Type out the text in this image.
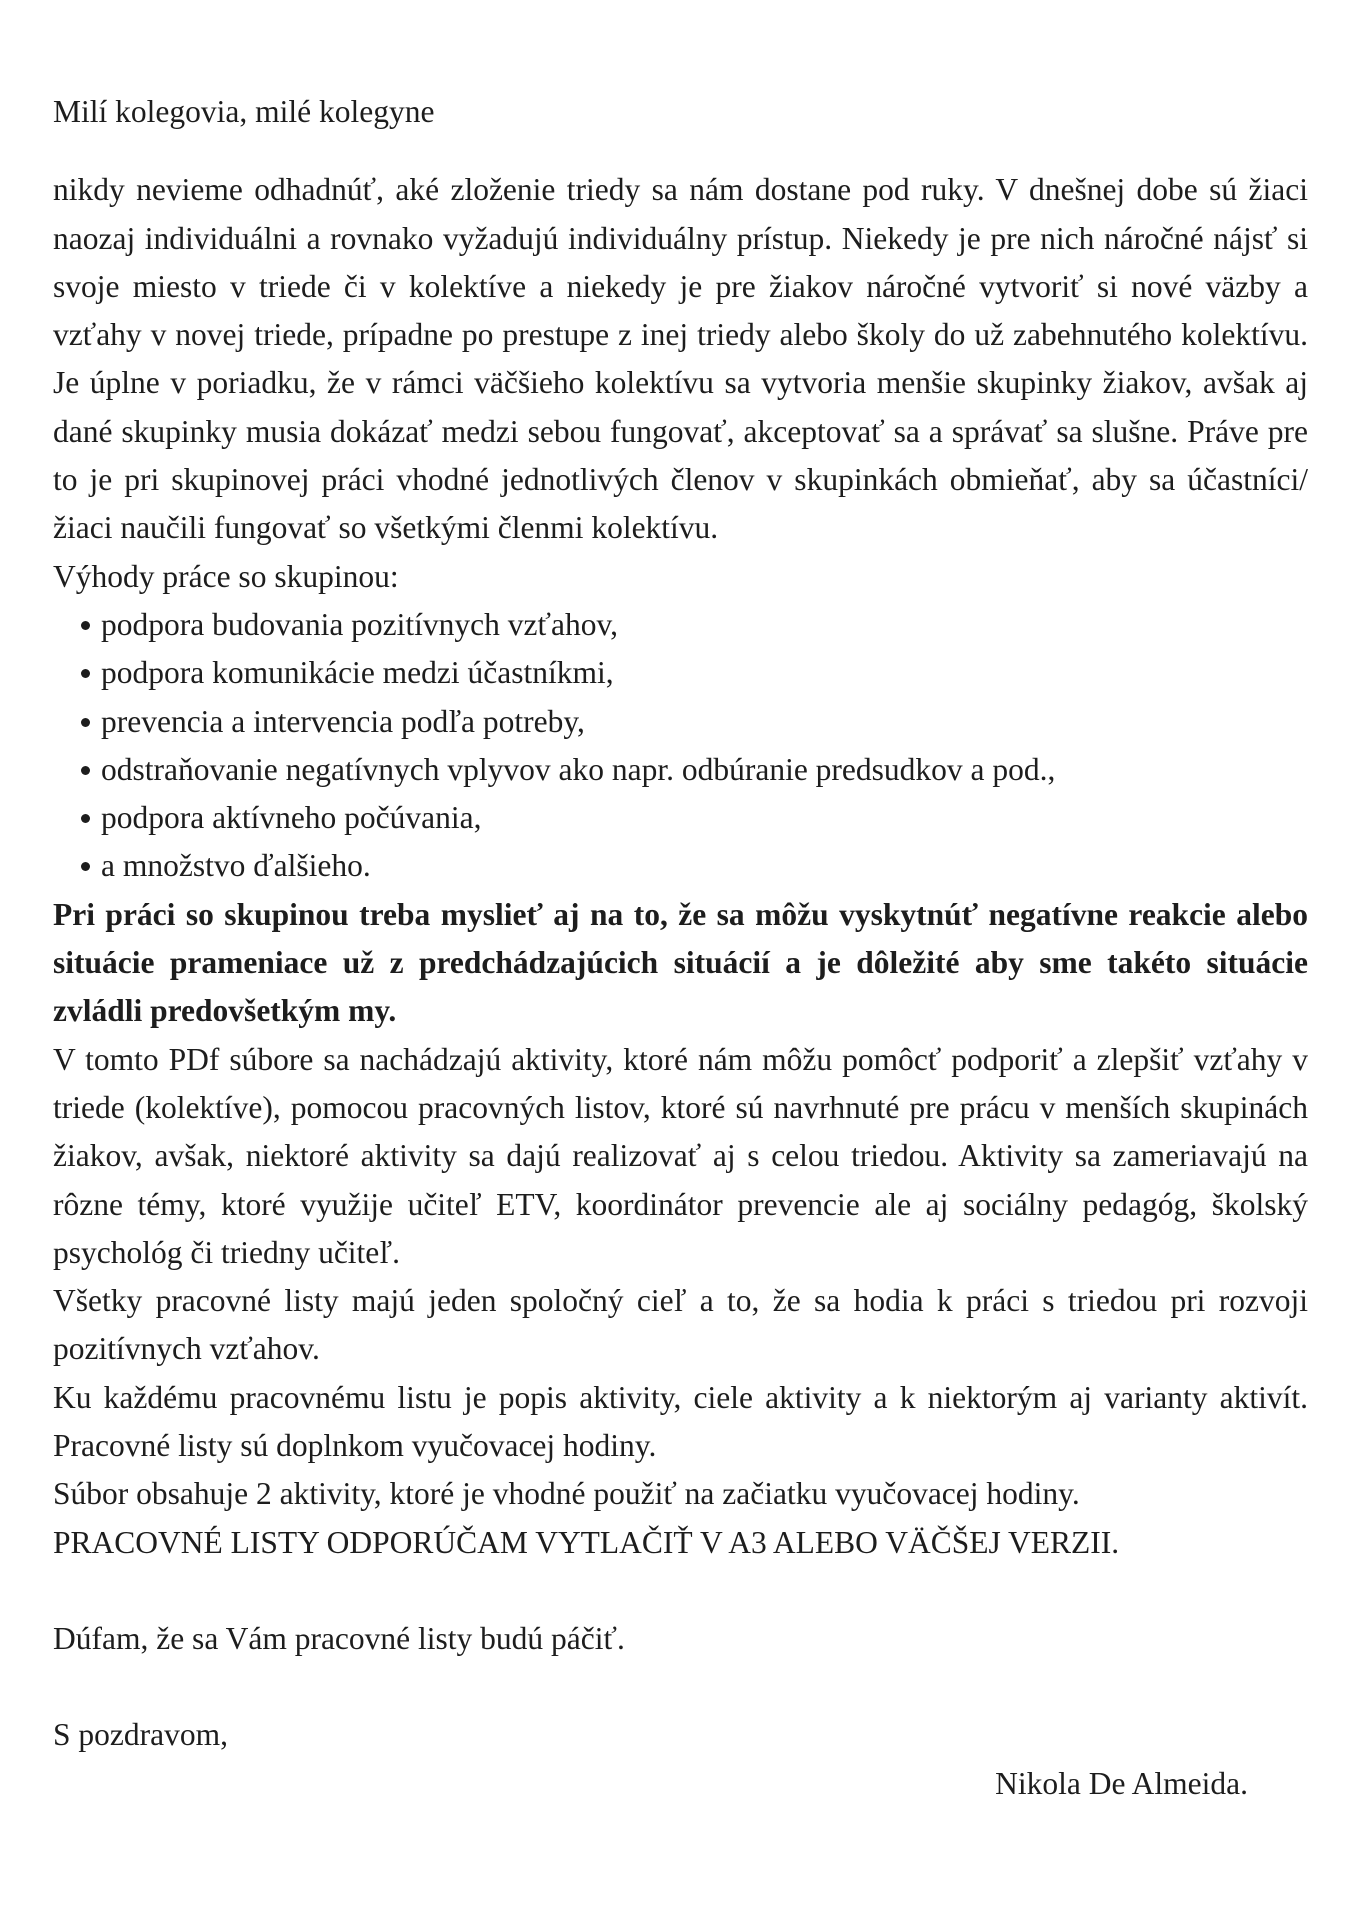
Milí kolegovia, milé kolegyne

nikdy nevieme odhadnúť, aké zloženie triedy sa nám dostane pod ruky. V dnešnej dobe sú žiaci naozaj individuálni a rovnako vyžadujú individuálny prístup. Niekedy je pre nich náročné nájsť si svoje miesto v triede či v kolektíve a niekedy je pre žiakov náročné vytvoriť si nové väzby a vzťahy v novej triede, prípadne po prestupe z inej triedy alebo školy do už zabehnutého kolektívu. Je úplne v poriadku, že v rámci väčšieho kolektívu sa vytvoria menšie skupinky žiakov, avšak aj dané skupinky musia dokázať medzi sebou fungovať, akceptovať sa a správať sa slušne. Práve pre to je pri skupinovej práci vhodné jednotlivých členov v skupinkách obmieňať, aby sa účastníci/žiaci naučili fungovať so všetkými členmi kolektívu.

Výhody práce so skupinou:

podpora budovania pozitívnych vzťahov,
podpora komunikácie medzi účastníkmi,
prevencia a intervencia podľa potreby,
odstraňovanie negatívnych vplyvov ako napr. odbúranie predsudkov a pod.,
podpora aktívneho počúvania,
a množstvo ďalšieho.

Pri práci so skupinou treba myslieť aj na to, že sa môžu vyskytnúť negatívne reakcie alebo situácie prameniace už z predchádzajúcich situácií a je dôležité aby sme takéto situácie zvládli predovšetkým my.

V tomto PDf súbore sa nachádzajú aktivity, ktoré nám môžu pomôcť podporiť a zlepšiť vzťahy v triede (kolektíve), pomocou pracovných listov, ktoré sú navrhnuté pre prácu v menších skupinách žiakov, avšak, niektoré aktivity sa dajú realizovať aj s celou triedou. Aktivity sa zameriavajú na rôzne témy, ktoré využije učiteľ ETV, koordinátor prevencie ale aj sociálny pedagóg, školský psychológ či triedny učiteľ.

Všetky pracovné listy majú jeden spoločný cieľ a to, že sa hodia k práci s triedou pri rozvoji pozitívnych vzťahov.

Ku každému pracovnému listu je popis aktivity, ciele aktivity a k niektorým aj varianty aktivít. Pracovné listy sú doplnkom vyučovacej hodiny.

Súbor obsahuje 2 aktivity, ktoré je vhodné použiť na začiatku vyučovacej hodiny.

PRACOVNÉ LISTY ODPORÚČAM VYTLAČIŤ V A3 ALEBO VÄČŠEJ VERZII.

Dúfam, že sa Vám pracovné listy budú páčiť.

S pozdravom,

Nikola De Almeida.
